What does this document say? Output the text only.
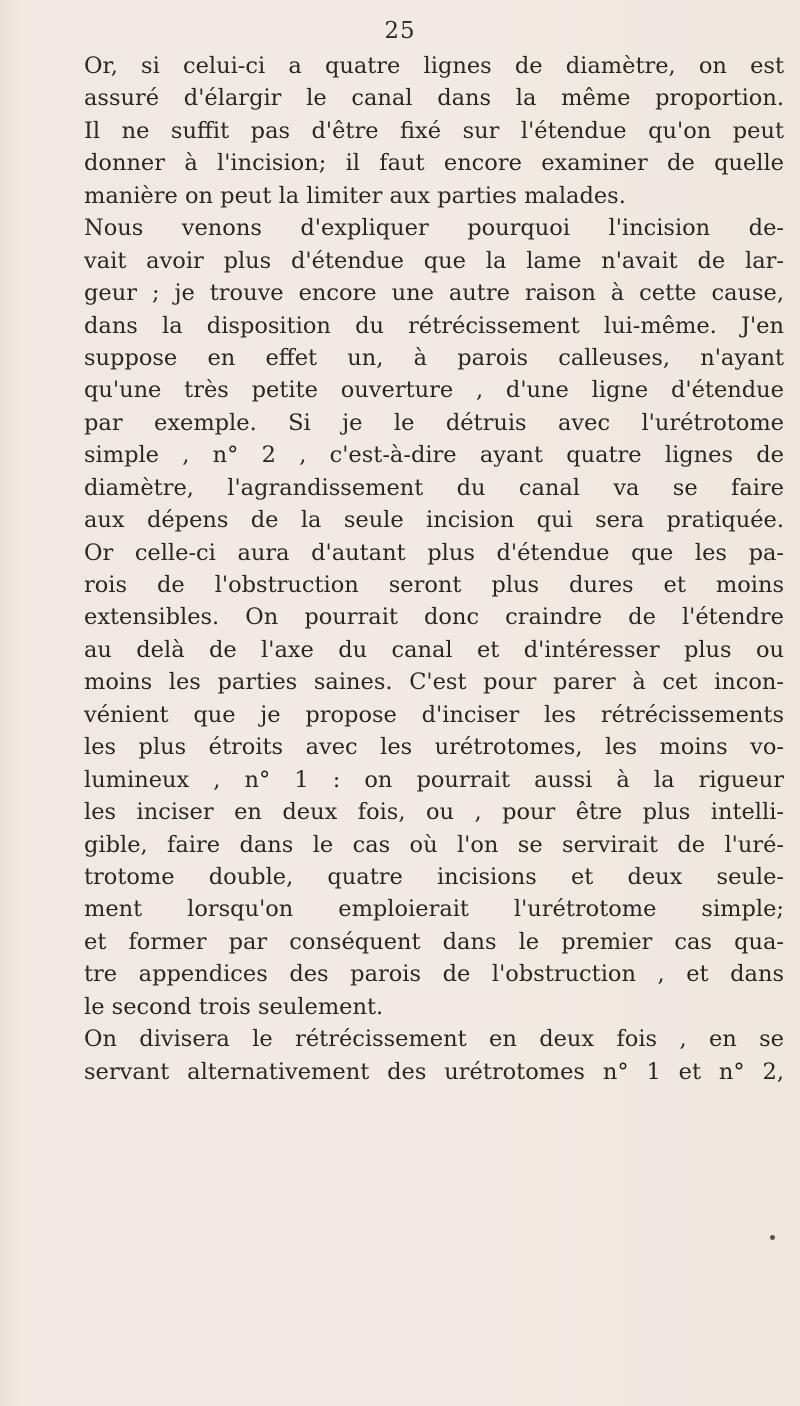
25
Or, si celui-ci a quatre lignes de diamètre, on est
assuré d'élargir le canal dans la même proportion.
Il ne suffit pas d'être fixé sur l'étendue qu'on peut
donner à l'incision; il faut encore examiner de quelle
manière on peut la limiter aux parties malades.
Nous venons d'expliquer pourquoi l'incision de-
vait avoir plus d'étendue que la lame n'avait de lar-
geur ; je trouve encore une autre raison à cette cause,
dans la disposition du rétrécissement lui-même. J'en
suppose en effet un, à parois calleuses, n'ayant
qu'une très petite ouverture , d'une ligne d'étendue
par exemple. Si je le détruis avec l'urétrotome
simple , n° 2 , c'est-à-dire ayant quatre lignes de
diamètre, l'agrandissement du canal va se faire
aux dépens de la seule incision qui sera pratiquée.
Or celle-ci aura d'autant plus d'étendue que les pa-
rois de l'obstruction seront plus dures et moins
extensibles. On pourrait donc craindre de l'étendre
au delà de l'axe du canal et d'intéresser plus ou
moins les parties saines. C'est pour parer à cet incon-
vénient que je propose d'inciser les rétrécissements
les plus étroits avec les urétrotomes, les moins vo-
lumineux , n° 1 : on pourrait aussi à la rigueur
les inciser en deux fois, ou , pour être plus intelli-
gible, faire dans le cas où l'on se servirait de l'uré-
trotome double, quatre incisions et deux seule-
ment lorsqu'on emploierait l'urétrotome simple;
et former par conséquent dans le premier cas qua-
tre appendices des parois de l'obstruction , et dans
le second trois seulement.
On divisera le rétrécissement en deux fois , en se
servant alternativement des urétrotomes n° 1 et n° 2,
